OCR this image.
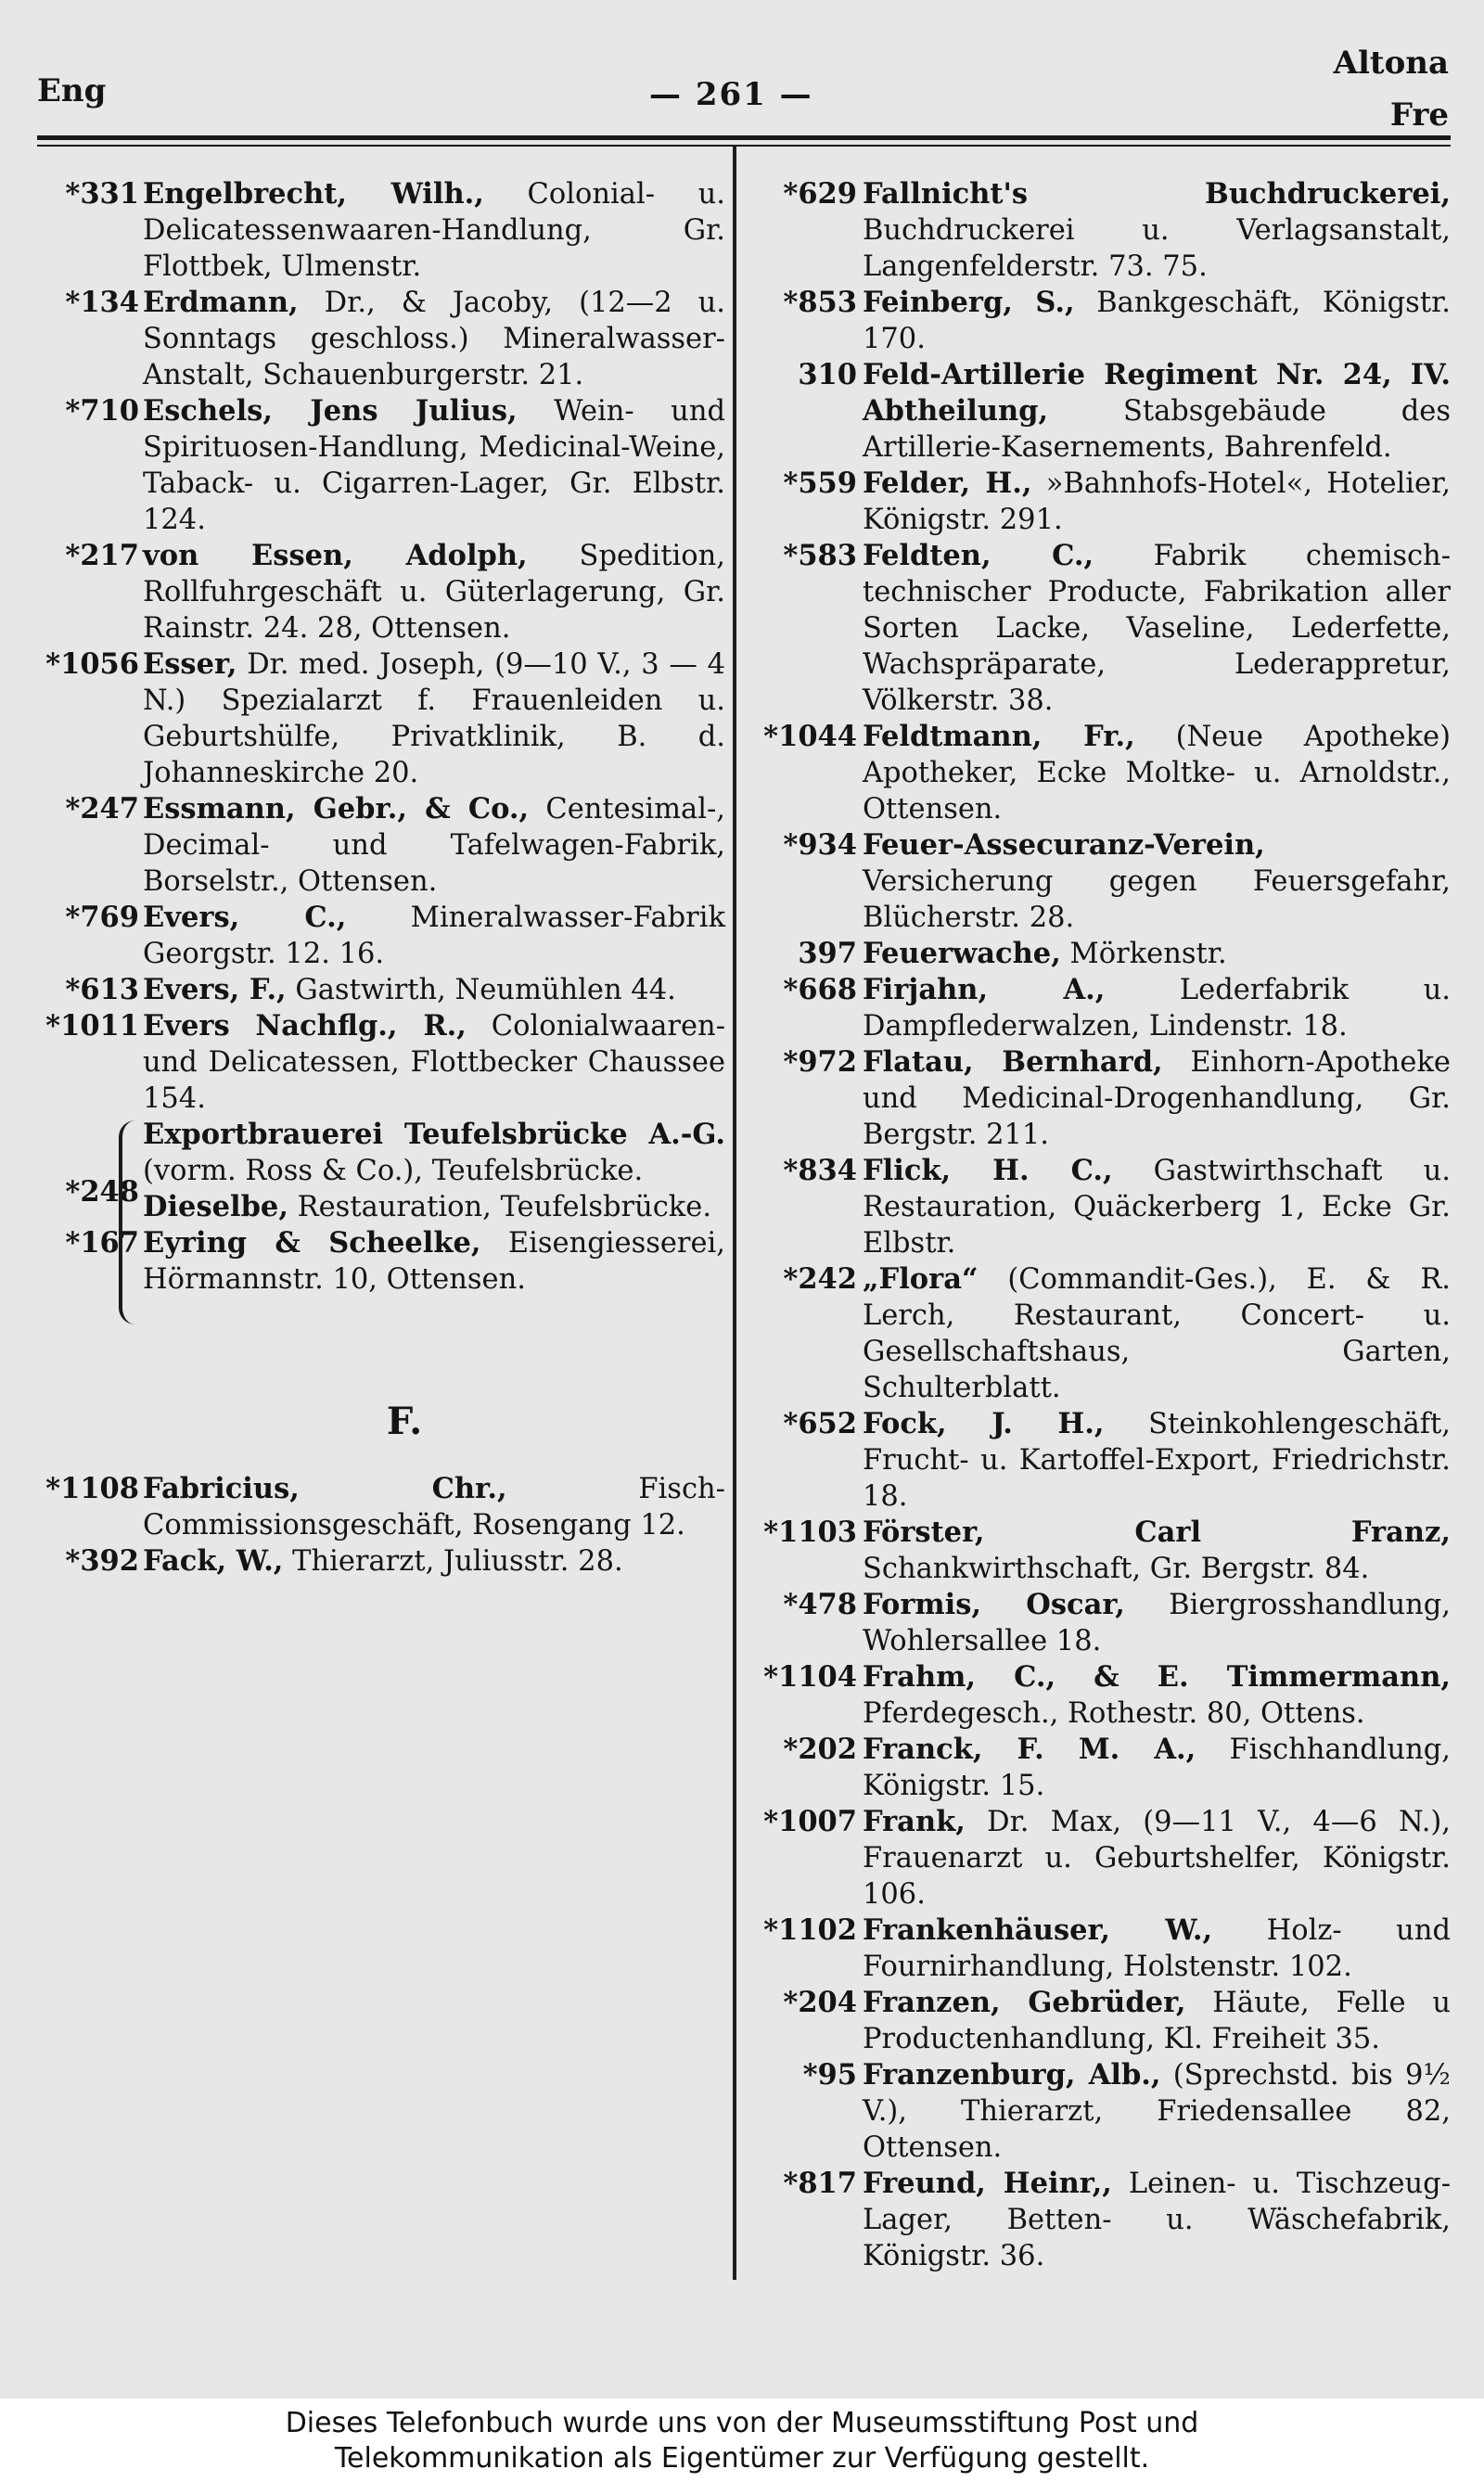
Eng	— 261 —
Altona
Fre
*331 Engelbrecht, Wilh., Colonial- u. Delicatessenwaaren-Handlung, Gr. Flottbek, Ulmenstr.
*134 Erdmann, Dr., & Jacoby, (12—2 u. Sonntags geschloss.) Mineralwasser-Anstalt, Schauenburgerstr. 21.
*710 Eschels, Jens Julius, Wein- und Spirituosen-Handlung, Medicinal-Weine, Taback- u. Cigarren-Lager, Gr. Elbstr. 124.
*217 von Essen, Adolph, Spedition, Rollfuhrgeschäft u. Güterlagerung, Gr. Rainstr. 24. 28, Ottensen.
*1056 Esser, Dr. med. Joseph, (9—10 V., 3 — 4 N.) Spezialarzt f. Frauenleiden u. Geburtshülfe, Privatklinik, B. d. Johanneskirche 20.
*247 Essmann, Gebr., & Co., Centesimal-, Decimal- und Tafelwagen-Fabrik, Borselstr., Ottensen.
*769 Evers, C., Mineralwasser-Fabrik Georgstr. 12. 16.
*613 Evers, F., Gastwirth, Neumühlen 44.
*1011 Evers Nachflg., R., Colonialwaaren- und Delicatessen, Flottbecker Chaussee 154.
*248
Exportbrauerei Teufelsbrücke A.-G. (vorm. Ross & Co.), Teufelsbrücke.
Dieselbe, Restauration, Teufelsbrücke.
*167 Eyring & Scheelke, Eisengiesserei, Hörmannstr. 10, Ottensen.
F.
*1108 Fabricius, Chr., Fisch-Commissionsgeschäft, Rosengang 12.
*392 Fack, W., Thierarzt, Juliusstr. 28.
*629 Fallnicht's Buchdruckerei, Buchdruckerei u. Verlagsanstalt, Langenfelderstr. 73. 75.
*853 Feinberg, S., Bankgeschäft, Königstr. 170.
310 Feld-Artillerie Regiment Nr. 24, IV. Abtheilung, Stabsgebäude des Artillerie-Kasernements, Bahrenfeld.
*559 Felder, H., »Bahnhofs-Hotel«, Hotelier, Königstr. 291.
*583 Feldten, C., Fabrik chemisch-technischer Producte, Fabrikation aller Sorten Lacke, Vaseline, Lederfette, Wachspräparate, Lederappretur, Völkerstr. 38.
*1044 Feldtmann, Fr., (Neue Apotheke) Apotheker, Ecke Moltke- u. Arnoldstr., Ottensen.
*934 Feuer-Assecuranz-Verein, Versicherung gegen Feuersgefahr, Blücherstr. 28.
397 Feuerwache, Mörkenstr.
*668 Firjahn, A., Lederfabrik u. Dampflederwalzen, Lindenstr. 18.
*972 Flatau, Bernhard, Einhorn-Apotheke und Medicinal-Drogenhandlung, Gr. Bergstr. 211.
*834 Flick, H. C., Gastwirthschaft u. Restauration, Quäckerberg 1, Ecke Gr. Elbstr.
*242 „Flora“ (Commandit-Ges.), E. & R. Lerch, Restaurant, Concert- u. Gesellschaftshaus, Garten, Schulterblatt.
*652 Fock, J. H., Steinkohlengeschäft, Frucht- u. Kartoffel-Export, Friedrichstr. 18.
*1103 Förster, Carl Franz, Schankwirthschaft, Gr. Bergstr. 84.
*478 Formis, Oscar, Biergrosshandlung, Wohlersallee 18.
*1104 Frahm, C., & E. Timmermann, Pferdegesch., Rothestr. 80, Ottens.
*202 Franck, F. M. A., Fischhandlung, Königstr. 15.
*1007 Frank, Dr. Max, (9—11 V., 4—6 N.), Frauenarzt u. Geburtshelfer, Königstr. 106.
*1102 Frankenhäuser, W., Holz- und Fournirhandlung, Holstenstr. 102.
*204 Franzen, Gebrüder, Häute, Felle u Productenhandlung, Kl. Freiheit 35.
*95 Franzenburg, Alb., (Sprechstd. bis 9½ V.), Thierarzt, Friedensallee 82, Ottensen.
*817 Freund, Heinr,, Leinen- u. Tischzeug-Lager, Betten- u. Wäschefabrik, Königstr. 36.
Dieses Telefonbuch wurde uns von der Museumsstiftung Post und
Telekommunikation als Eigentümer zur Verfügung gestellt.
